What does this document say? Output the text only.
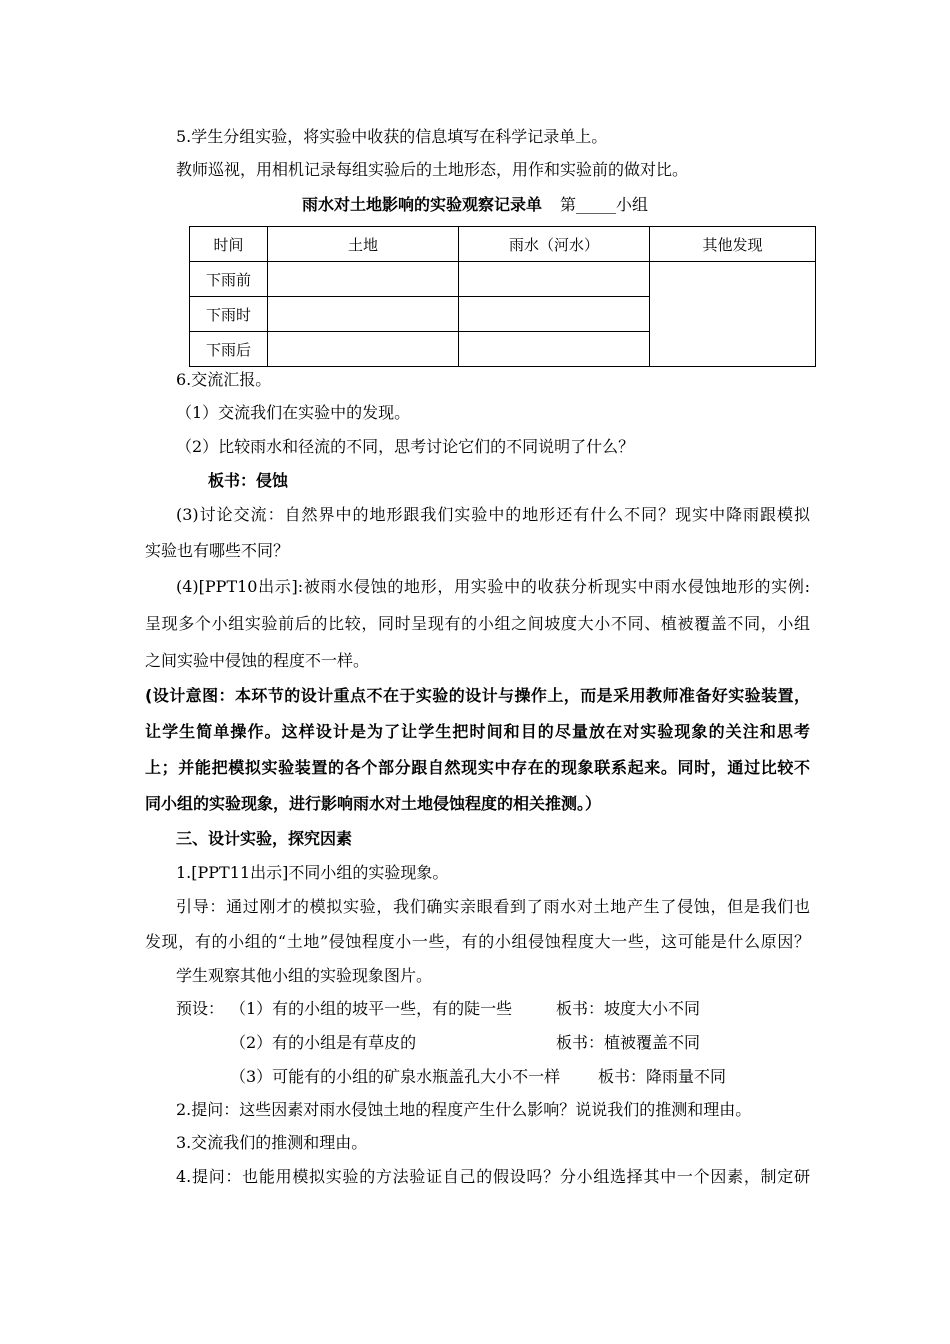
5.学生分组实验，将实验中收获的信息填写在科学记录单上。
教师巡视，用相机记录每组实验后的土地形态，用作和实验前的做对比。
雨水对土地影响的实验观察记录单 第_____小组
时间	土地	雨水（河水）	其他发现
下雨前			
下雨时			
下雨后			
6.交流汇报。
（1）交流我们在实验中的发现。
（2）比较雨水和径流的不同，思考讨论它们的不同说明了什么？
板书：侵蚀
(3)讨论交流：自然界中的地形跟我们实验中的地形还有什么不同？现实中降雨跟模拟
实验也有哪些不同？
(4)[PPT10出示]:被雨水侵蚀的地形，用实验中的收获分析现实中雨水侵蚀地形的实例:
呈现多个小组实验前后的比较，同时呈现有的小组之间坡度大小不同、植被覆盖不同，小组
之间实验中侵蚀的程度不一样。
(设计意图：本环节的设计重点不在于实验的设计与操作上，而是采用教师准备好实验装置，
让学生简单操作。这样设计是为了让学生把时间和目的尽量放在对实验现象的关注和思考
上；并能把模拟实验装置的各个部分跟自然现实中存在的现象联系起来。同时，通过比较不
同小组的实验现象，进行影响雨水对土地侵蚀程度的相关推测。）
三、设计实验，探究因素
1.[PPT11出示]不同小组的实验现象。
引导：通过刚才的模拟实验，我们确实亲眼看到了雨水对土地产生了侵蚀，但是我们也
发现，有的小组的“土地”侵蚀程度小一些，有的小组侵蚀程度大一些，这可能是什么原因？
学生观察其他小组的实验现象图片。
预设： （1）有的小组的坡平一些，有的陡一些	板书：坡度大小不同
（2）有的小组是有草皮的	板书：植被覆盖不同
（3）可能有的小组的矿泉水瓶盖孔大小不一样 板书：降雨量不同
2.提问：这些因素对雨水侵蚀土地的程度产生什么影响？说说我们的推测和理由。
3.交流我们的推测和理由。
4.提问：也能用模拟实验的方法验证自己的假设吗？分小组选择其中一个因素，制定研
